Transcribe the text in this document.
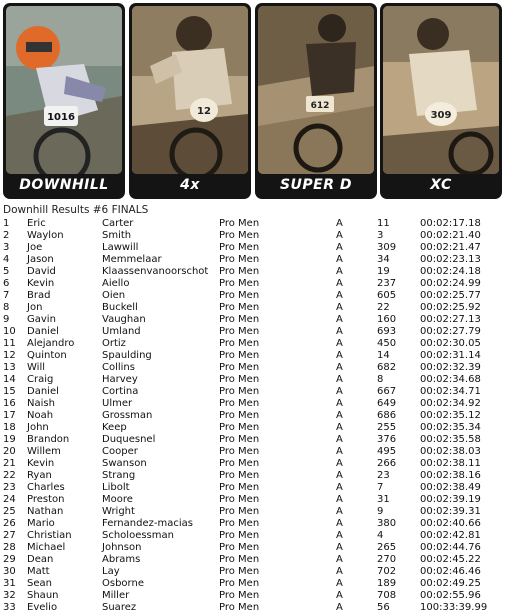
1016
DOWNHILL
12
4x
612
SUPER D
309
XC
Downhill Results #6 FINALS
1 Eric	Carter	Pro Men	A	11	00:02:17.18
2 Waylon	Smith	Pro Men	A	3	00:02:21.40
3 Joe	Lawwill	Pro Men	A	309 00:02:21.47
4 Jason	Memmelaar	Pro Men	A	34	00:02:23.13
5 David	Klaassenvanoorschot Pro Men	A	19	00:02:24.18
6 Kevin	Aiello	Pro Men	A	237 00:02:24.99
7 Brad	Oien	Pro Men	A	605 00:02:25.77
8 Jon	Buckell	Pro Men	A	22	00:02:25.92
9 Gavin	Vaughan	Pro Men	A	160 00:02:27.13
10 Daniel	Umland	Pro Men	A	693 00:02:27.79
11 Alejandro	Ortiz	Pro Men	A	450 00:02:30.05
12 Quinton	Spaulding	Pro Men	A	14	00:02:31.14
13 Will	Collins	Pro Men	A	682 00:02:32.39
14 Craig	Harvey	Pro Men	A	8	00:02:34.68
15 Daniel	Cortina	Pro Men	A	667 00:02:34.71
16 Naish	Ulmer	Pro Men	A	649 00:02:34.92
17 Noah	Grossman	Pro Men	A	686 00:02:35.12
18 John	Keep	Pro Men	A	255 00:02:35.34
19 Brandon	Duquesnel	Pro Men	A	376 00:02:35.58
20 Willem	Cooper	Pro Men	A	495 00:02:38.03
21 Kevin	Swanson	Pro Men	A	266 00:02:38.11
22 Ryan	Strang	Pro Men	A	23	00:02:38.16
23 Charles	Libolt	Pro Men	A	7	00:02:38.49
24 Preston	Moore	Pro Men	A	31	00:02:39.19
25 Nathan	Wright	Pro Men	A	9	00:02:39.31
26 Mario	Fernandez-macias	Pro Men	A	380 00:02:40.66
27 Christian	Scholoessman	Pro Men	A	4	00:02:42.81
28 Michael	Johnson	Pro Men	A	265 00:02:44.76
29 Dean	Abrams	Pro Men	A	270 00:02:45.22
30 Matt	Lay	Pro Men	A	702 00:02:46.46
31 Sean	Osborne	Pro Men	A	189 00:02:49.25
32 Shaun	Miller	Pro Men	A	708 00:02:55.96
33 Evelio	Suarez	Pro Men	A	56	100:33:39.99
